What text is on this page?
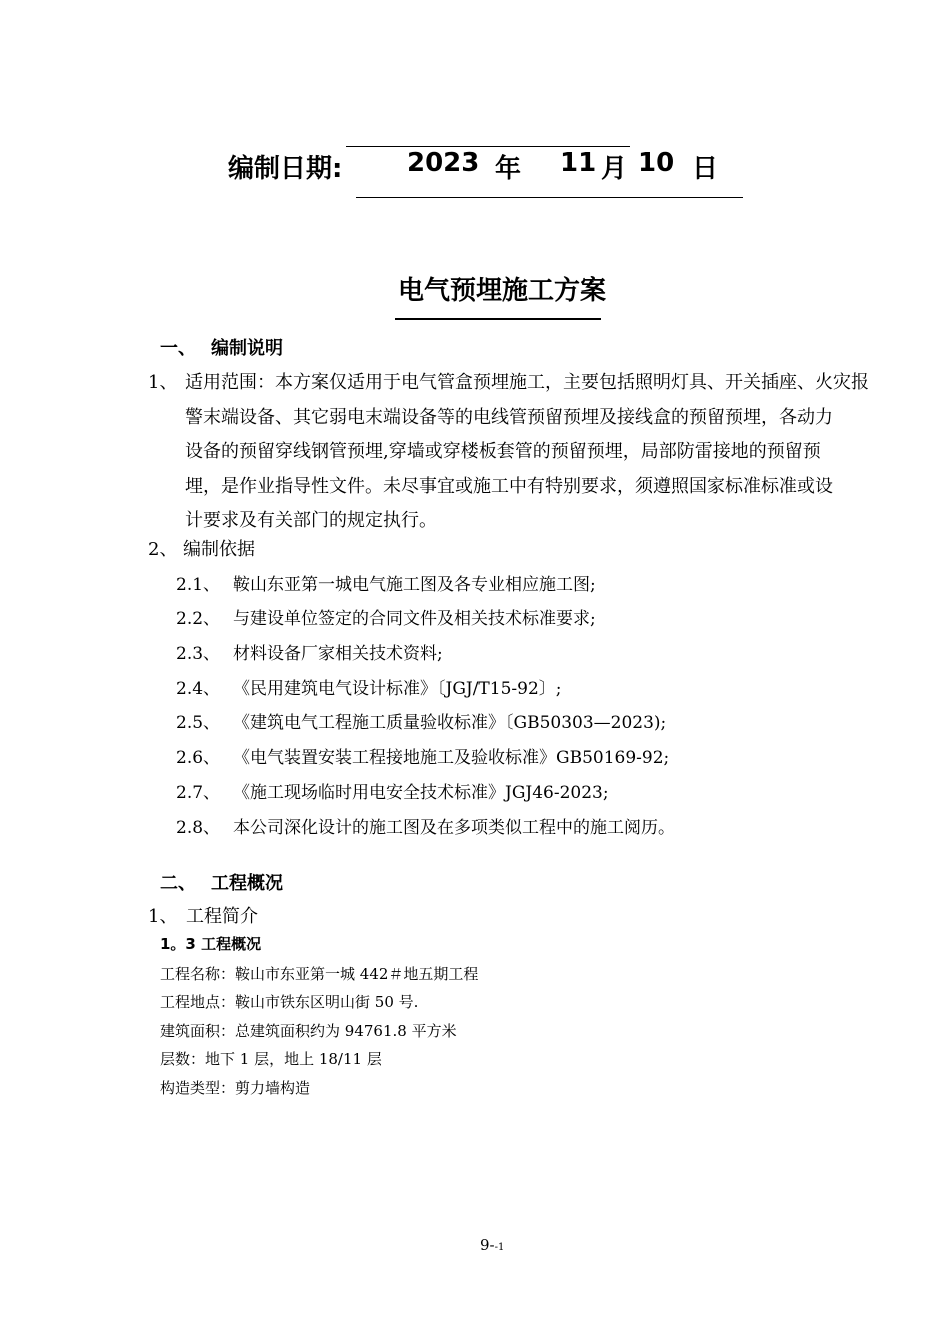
编制日期: 2023 年 11 月 10 日
电气预埋施工方案
一、 编制说明
1、 适用范围：本方案仅适用于电气管盒预埋施工，主要包括照明灯具、开关插座、火灾报
警末端设备、其它弱电末端设备等的电线管预留预埋及接线盒的预留预埋，各动力
设备的预留穿线钢管预埋,穿墙或穿楼板套管的预留预埋，局部防雷接地的预留预
埋，是作业指导性文件。未尽事宜或施工中有特别要求，须遵照国家标准标准或设
计要求及有关部门的规定执行。
2、 编制依据
2.1、 鞍山东亚第一城电气施工图及各专业相应施工图;
2.2、 与建设单位签定的合同文件及相关技术标准要求;
2.3、 材料设备厂家相关技术资料;
2.4、 《民用建筑电气设计标准》〔JGJ/T15-92〕;
2.5、 《建筑电气工程施工质量验收标准》〔GB50303—2023);
2.6、 《电气装置安装工程接地施工及验收标准》GB50169-92;
2.7、 《施工现场临时用电安全技术标准》JGJ46-2023;
2.8、 本公司深化设计的施工图及在多项类似工程中的施工阅历。
二、 工程概况
1、 工程简介
1。3 工程概况
工程名称：鞍山市东亚第一城 442＃地五期工程
工程地点：鞍山市铁东区明山街 50 号.
建筑面积：总建筑面积约为 94761.8 平方米
层数：地下 1 层，地上 18/11 层
构造类型：剪力墙构造
9--1
